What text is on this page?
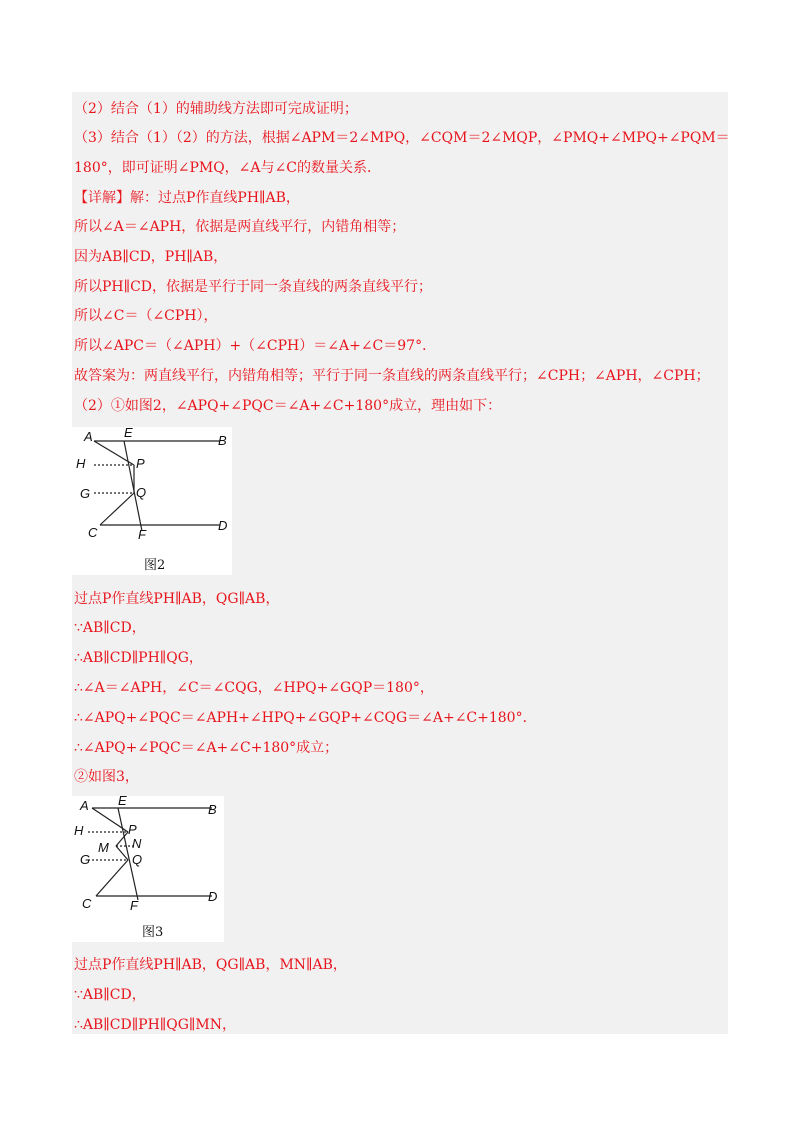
（2）结合（1）的辅助线方法即可完成证明；
（3）结合（1）（2）的方法，根据∠APM＝2∠MPQ，∠CQM＝2∠MQP，∠PMQ+∠MPQ+∠PQM＝
180°，即可证明∠PMQ，∠A与∠C的数量关系．
【详解】解：过点P作直线PH∥AB，
所以∠A＝∠APH，依据是两直线平行，内错角相等；
因为AB∥CD，PH∥AB，
所以PH∥CD，依据是平行于同一条直线的两条直线平行；
所以∠C＝（∠CPH），
所以∠APC＝（∠APH）+（∠CPH）＝∠A+∠C＝97°．
故答案为：两直线平行，内错角相等；平行于同一条直线的两条直线平行；∠CPH；∠APH，∠CPH；
（2）①如图2，∠APQ+∠PQC＝∠A+∠C+180°成立，理由如下：
A E
B
H	P
G	Q
C	F
D
图2
过点P作直线PH∥AB，QG∥AB，
∵AB∥CD，
∴AB∥CD∥PH∥QG，
∴∠A＝∠APH，∠C＝∠CQG，∠HPQ+∠GQP＝180°，
∴∠APQ+∠PQC＝∠APH+∠HPQ+∠GQP+∠CQG＝∠A+∠C+180°．
∴∠APQ+∠PQC＝∠A+∠C+180°成立；
②如图3，
A E
B
H	P
M N
G	Q
C	F
D
图3
过点P作直线PH∥AB，QG∥AB，MN∥AB，
∵AB∥CD，
∴AB∥CD∥PH∥QG∥MN，
